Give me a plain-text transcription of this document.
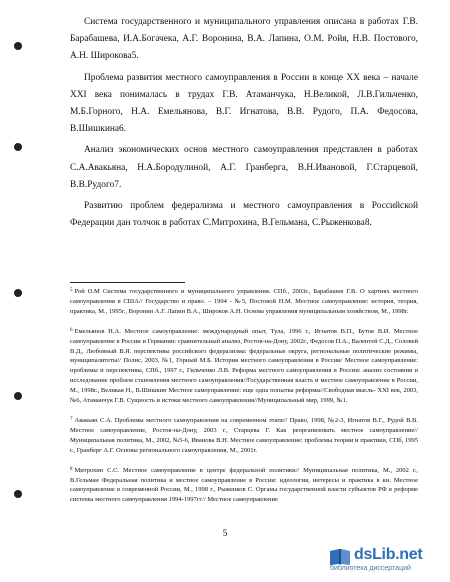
Система государственного и муниципального управления описана в работах Г.В. Барабашева, И.А.Богачека, А.Г. Воронина, В.А. Лапина, О.М. Ройя, Н.В. Постового, А.Н. Широкова5.

Проблема развития местного самоуправления в России в конце XX века – начале XXI века понималась в трудах Г.В. Атаманчука, Н.Великой, Л.В.Гильченко, М.Б.Горного, Н.А. Емельянова, В.Г. Игнатова, В.В. Рудого, П.А. Федосова, В.Шишкина6.

Анализ экономических основ местного самоуправления представлен в работах С.А.Авакьяна, Н.А.Бородулиной, А.Г. Гранберга, В.Н.Ивановой, Г.Старцевой, В.В.Рудого7.

Развитию проблем федерализма и местного самоуправления в Российской Федерации дан толчок в работах С.Митрохина, В.Гельмана, С.Рыженкова8.

$^5$ Рой О.М Система государственного и муниципального управления. СПб., 2003г., Барабашев Г.В. О хартиях местного самоуправления в США// Государство и право. – 1994 - №5, Постовой Н.М. Местное самоуправление: история, теория, практика, М., 1995г., Воронин А.Г. Лапин В.А., Широков А.Н. Основа управления муниципальным хозяйством, М., 1998г.

$^6$ Емельянов Н.А. Местное самоуправление: международный опыт, Тула, 1996 г., Игнатов В.П., Бутов В.И. Местное самоуправление в России и Германии: сравнительный анализ, Ростов-на-Дону, 2002г., Федосов П.А., Валентей С.Д., Соловей В.Д., Любовный В.Я. перспективы российского федерализма: федеральные округа, региональные политические режимы, муниципалитеты// Полис, 2003, №1, Горный М.Б. История местного самоуправления в России/ Местное самоуправление: проблемы и перспективы, СПб., 1997 г., Гильченко Л.В. Реформа местного самоуправления в России: анализ состояния и исследование проблем становления местного самоуправления//Государственная власть и местное самоуправление в России, М., 1998г., Великая Н., В.Шишкин Местное самоуправление: еще одна попытка реформы//Свободная мысль- XXI век, 2003, №6, Атаманчук Г.В. Сущность и истоки местного самоуправления//Муниципальный мир, 1999, №1.

$^7$ Авакьян С.А. Проблемы местного самоуправления на современном этапе// Право, 1998, №2-3, Игнатов В.Г., Рудой В.В. Местное самоуправление, Ростов-на-Дону, 2003 г., Старцева Г. Как реорганизовать местное самоуправление// Муниципальная политика, М., 2002, №5-6, Иванова В.Н. Местное самоуправление: проблемы теории и практики, СПб, 1995 г., Гранберг А.Г. Основы регионального самоуправления, М., 2001г.

$^8$ Митрохин С.С. Местное самоуправление в центре федеральной политики// Муниципальная политика, М., 2002 г., В.Гельман Федеральная политика и местное самоуправление в России: идеология, интересы и практика в кн. Местное самоуправление в современной России, М., 1998 г., Рыженков С. Органы государственной власти субъектов РФ в реформе системы местного самоуправления 1994-1997гг// Местное самоуправление

5
dsLib.net
библиотека диссертаций
